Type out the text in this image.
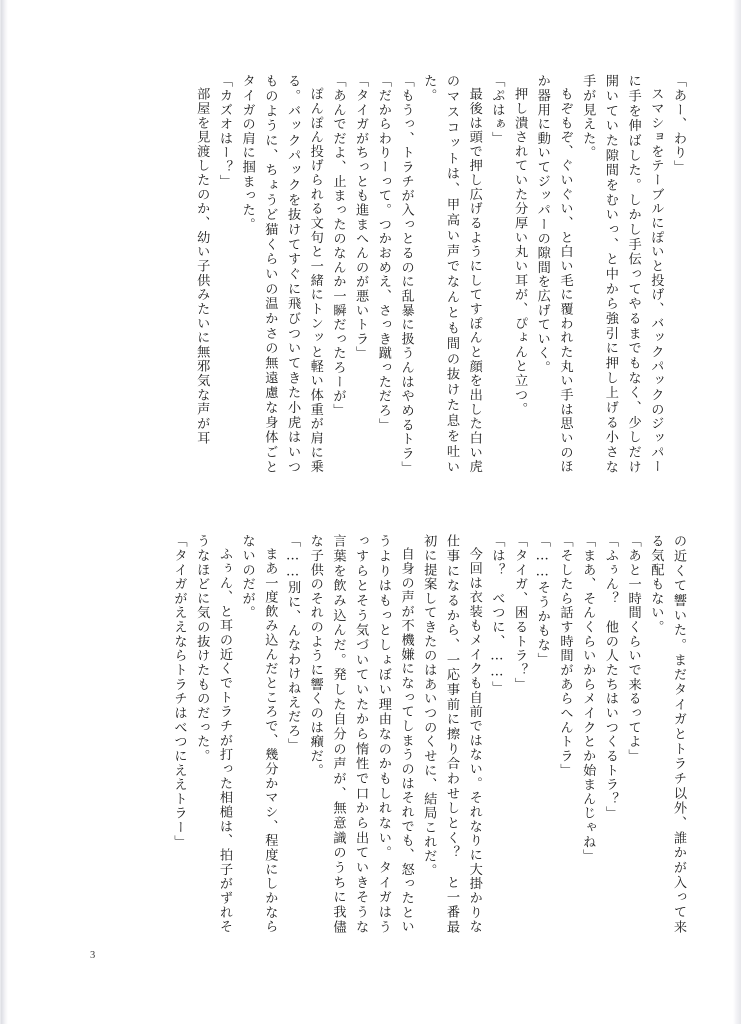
「あー、わり」

スマショをテーブルにぽいと投げ、バックパックのジッパーに手を伸ばした。しかし手伝ってやるまでもなく、少しだけ開いていた隙間をむいっ、と中から強引に押し上げる小さな手が見えた。

もぞもぞ、ぐいぐい、と白い毛に覆われた丸い手は思いのほか器用に動いてジッパーの隙間を広げていく。

押し潰されていた分厚い丸い耳が、ぴょんと立つ。

「ぷはぁ」

最後は頭で押し広げるようにしてすぽんと顔を出した白い虎のマスコットは、甲高い声でなんとも間の抜けた息を吐いた。

「もうっ、トラチが入っとるのに乱暴に扱うんはやめるトラ」

「だからわりーって。つかおめえ、さっき蹴っただろ」

「タイガがちっとも進まへんのが悪いトラ」

「あんでだよ、止まったのなんか一瞬だったろーが」

ぽんぽん投げられる文句と一緒にトンッと軽い体重が肩に乗る。バックパックを抜けてすぐに飛びついてきた小虎はいつものように、ちょうど猫くらいの温かさの無遠慮な身体ごとタイガの肩に掴まった。

「カズオはー？」

部屋を見渡したのか、幼い子供みたいに無邪気な声が耳

の近くて響いた。まだタイガとトラチ以外、誰かが入って来る気配もない。

「あと一時間くらいで来るってよ」

「ふぅん？　他の人たちはいつくるトラ？」

「まあ、そんくらいからメイクとか始まんじゃね」

「そしたら話す時間があらへんトラ」

「……そうかもな」

「タイガ、困るトラ？」

「は？　べつに、……」

今回は衣装もメイクも自前ではない。それなりに大掛かりな仕事になるから、一応事前に擦り合わせしとく？　と一番最初に提案してきたのはあいつのくせに、結局これだ。

自身の声が不機嫌になってしまうのはそれでも、怒ったというよりはもっとしょぼい理由なのかもしれない。タイガはうっすらとそう気づいていたから惰性で口から出ていきそうな言葉を飲み込んだ。発した自分の声が、無意識のうちに我儘な子供のそれのように響くのは癪だ。

「……別に、んなわけねえだろ」

まあ一度飲み込んだところで、幾分かマシ、程度にしかならないのだが。

ふぅん、と耳の近くでトラチが打った相槌は、拍子がずれそうなほどに気の抜けたものだった。

「タイガがええならトラチはべつにええトラー」

3
